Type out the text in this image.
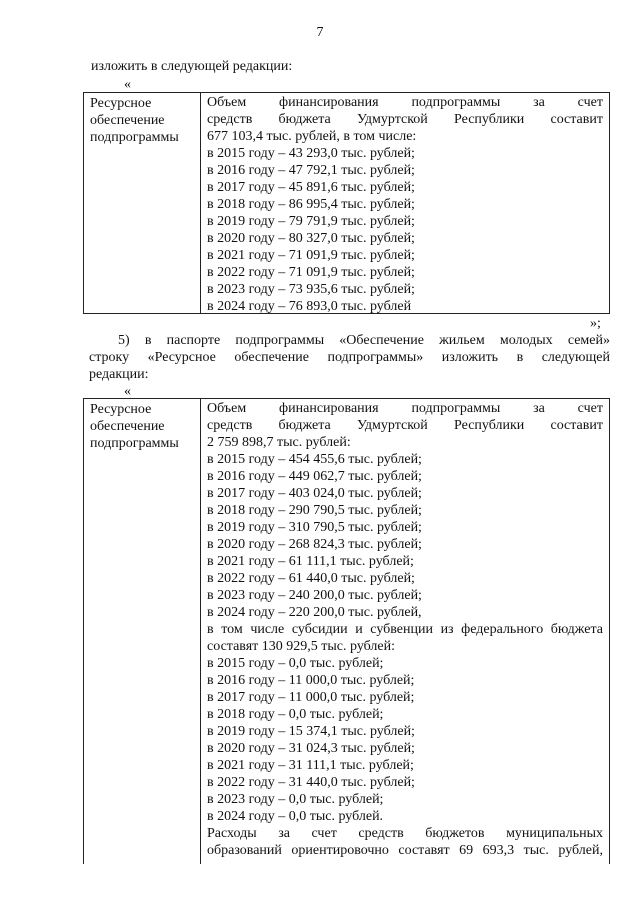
7
изложить в следующей редакции:
«
Ресурсное
обеспечение
подпрограммы
Объем финансирования подпрограммы за счет
средств бюджета Удмуртской Республики составит
677 103,4 тыс. рублей, в том числе:
в 2015 году – 43 293,0 тыс. рублей;
в 2016 году – 47 792,1 тыс. рублей;
в 2017 году – 45 891,6 тыс. рублей;
в 2018 году – 86 995,4 тыс. рублей;
в 2019 году – 79 791,9 тыс. рублей;
в 2020 году – 80 327,0 тыс. рублей;
в 2021 году – 71 091,9 тыс. рублей;
в 2022 году – 71 091,9 тыс. рублей;
в 2023 году – 73 935,6 тыс. рублей;
в 2024 году – 76 893,0 тыс. рублей
»;
5) в паспорте подпрограммы «Обеспечение жильем молодых семей»
строку «Ресурсное обеспечение подпрограммы» изложить в следующей
редакции:
«
Ресурсное
обеспечение
подпрограммы
Объем финансирования подпрограммы за счет
средств бюджета Удмуртской Республики составит
2 759 898,7 тыс. рублей:
в 2015 году – 454 455,6 тыс. рублей;
в 2016 году – 449 062,7 тыс. рублей;
в 2017 году – 403 024,0 тыс. рублей;
в 2018 году – 290 790,5 тыс. рублей;
в 2019 году – 310 790,5 тыс. рублей;
в 2020 году – 268 824,3 тыс. рублей;
в 2021 году – 61 111,1 тыс. рублей;
в 2022 году – 61 440,0 тыс. рублей;
в 2023 году – 240 200,0 тыс. рублей;
в 2024 году – 220 200,0 тыс. рублей,
в том числе субсидии и субвенции из федерального бюджета
составят 130 929,5 тыс. рублей:
в 2015 году – 0,0 тыс. рублей;
в 2016 году – 11 000,0 тыс. рублей;
в 2017 году – 11 000,0 тыс. рублей;
в 2018 году – 0,0 тыс. рублей;
в 2019 году – 15 374,1 тыс. рублей;
в 2020 году – 31 024,3 тыс. рублей;
в 2021 году – 31 111,1 тыс. рублей;
в 2022 году – 31 440,0 тыс. рублей;
в 2023 году – 0,0 тыс. рублей;
в 2024 году – 0,0 тыс. рублей.
Расходы за счет средств бюджетов муниципальных
образований ориентировочно составят 69 693,3 тыс. рублей,
